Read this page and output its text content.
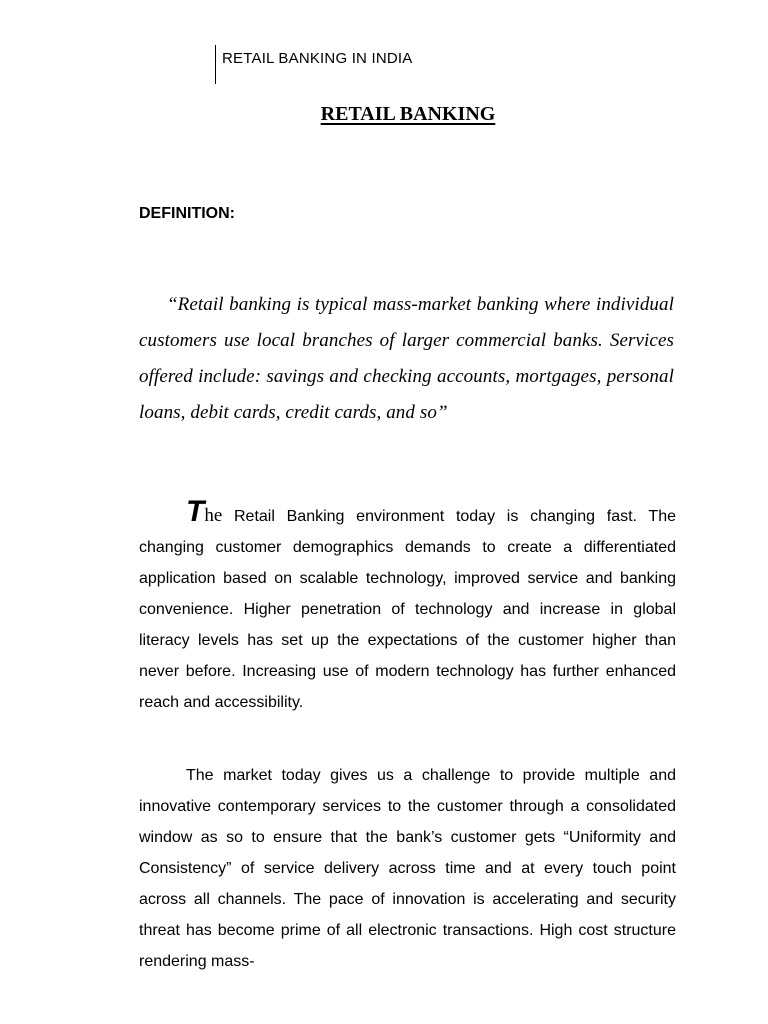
RETAIL BANKING IN INDIA
RETAIL BANKING
DEFINITION:
“Retail banking is typical mass-market banking where individual customers use local branches of larger commercial banks. Services offered include: savings and checking accounts, mortgages, personal loans, debit cards, credit cards, and so”
The Retail Banking environment today is changing fast. The changing customer demographics demands to create a differentiated application based on scalable technology, improved service and banking convenience. Higher penetration of technology and increase in global literacy levels has set up the expectations of the customer higher than never before. Increasing use of modern technology has further enhanced reach and accessibility.
The market today gives us a challenge to provide multiple and innovative contemporary services to the customer through a consolidated window as so to ensure that the bank’s customer gets “Uniformity and Consistency” of service delivery across time and at every touch point across all channels. The pace of innovation is accelerating and security threat has become prime of all electronic transactions. High cost structure rendering mass-
